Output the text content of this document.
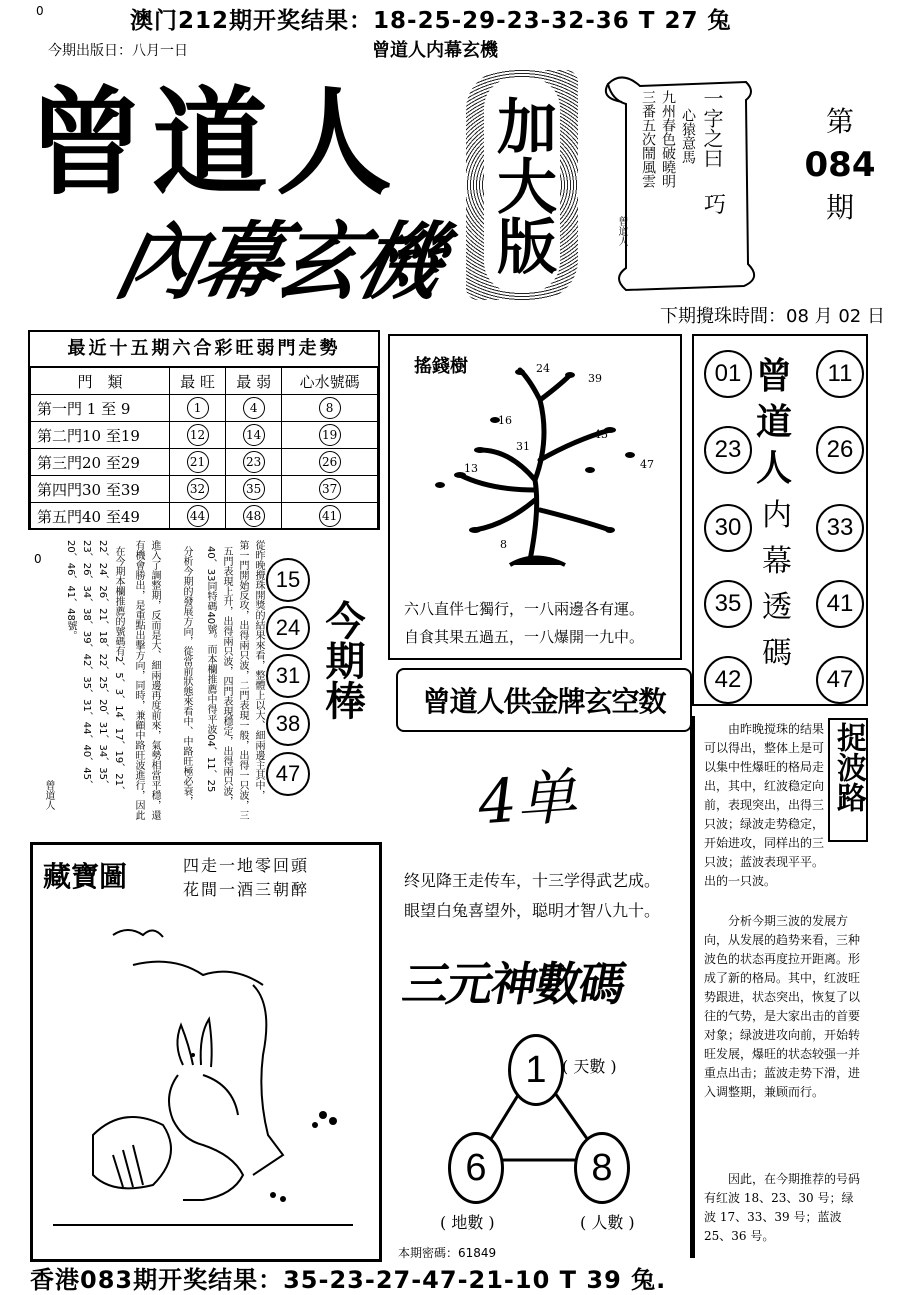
0	澳门212期开奖结果：18-25-29-23-32-36 T 27 兔
今期出版日：八月一日	曾道人内幕玄機
曾道人
內幕玄機 加大版	一字之曰
心猿意馬
九州春色破曉明
三番五次鬧風雲
巧
曾道人
第
084
期
下期攪珠時間：08 月 02 日
最近十五期六合彩旺弱門走勢
門　類	最 旺	最 弱	心水號碼
第一門 1 至 9	1	4	8
第二門10 至19	12	14	19
第三門20 至29	21	23	26
第四門30 至39	32	35	37
第五門40 至49	44	48	41
搖錢樹	24
39
16
43
31
47
13
8
六八直伴七獨行，一八兩邊各有運。
自食其果五過五，一八爆開一九中。
01	11
23	26
30	33
35	41
42	47
曾
道
人
内
幕
透
碼
0	從昨晚攪珠開獎的結果來看，整體上以大、細兩邊主其中，
第一門開始反攻，出得兩只波，二門表現一般，出得一只波，三
五門表現上升，出得兩只波，四門表現穩定，出得兩只波，
40、33同特碼40號。而本欄推薦中得平波04、11、25
分析今期的發展方向，從當前狀態來看中、中路旺極必衰，
進入了調整期，反而是大、細兩邊再度前來，氣勢相當平穩，還
有機會勝出，是重點出擊方向，同時，兼顧中路旺波進行，因此
在今期本欄推薦的號碼有2、5、3、14、17、19、21、
22、24、26、21、18、22、25、20、31、34、35、
23、26、34、38、39、42、35、31、44、40、45、
20、46、41、48號。
曾道人
15
24
31
38
47
今期棒 曾道人供金牌玄空数
4单
终见降王走传车，十三学得武艺成。
眼望白兔喜望外，聪明才智八九十。
捉波路
由昨晚搅珠的结果可以得出，整体上是可以集中性爆旺的格局走出，其中，红波稳定向前，表现突出，出得三只波；绿波走势稳定，开始进攻，同样出的三只波；蓝波表现平平。出的一只波。
分析今期三波的发展方向，从发展的趋势来看，三种波色的状态再度拉开距离。形成了新的格局。其中，红波旺势跟进，状态突出，恢复了以往的气势，是大家出击的首要对象；绿波进攻向前，开始转旺发展，爆旺的状态较强一并重点出击；蓝波走势下滑，进入调整期，兼顾而行。
因此，在今期推荐的号码有红波 18、23、30 号；绿波 17、33、39 号；蓝波 25、36 号。
藏寶圖	四走一地零回頭
花間一酒三朝醉
三元神數碼
1 ( 天數 )
6
( 地數 )
8
( 人數 )
本期密碼：61849
香港083期开奖结果：35-23-27-47-21-10 T 39 兔.
